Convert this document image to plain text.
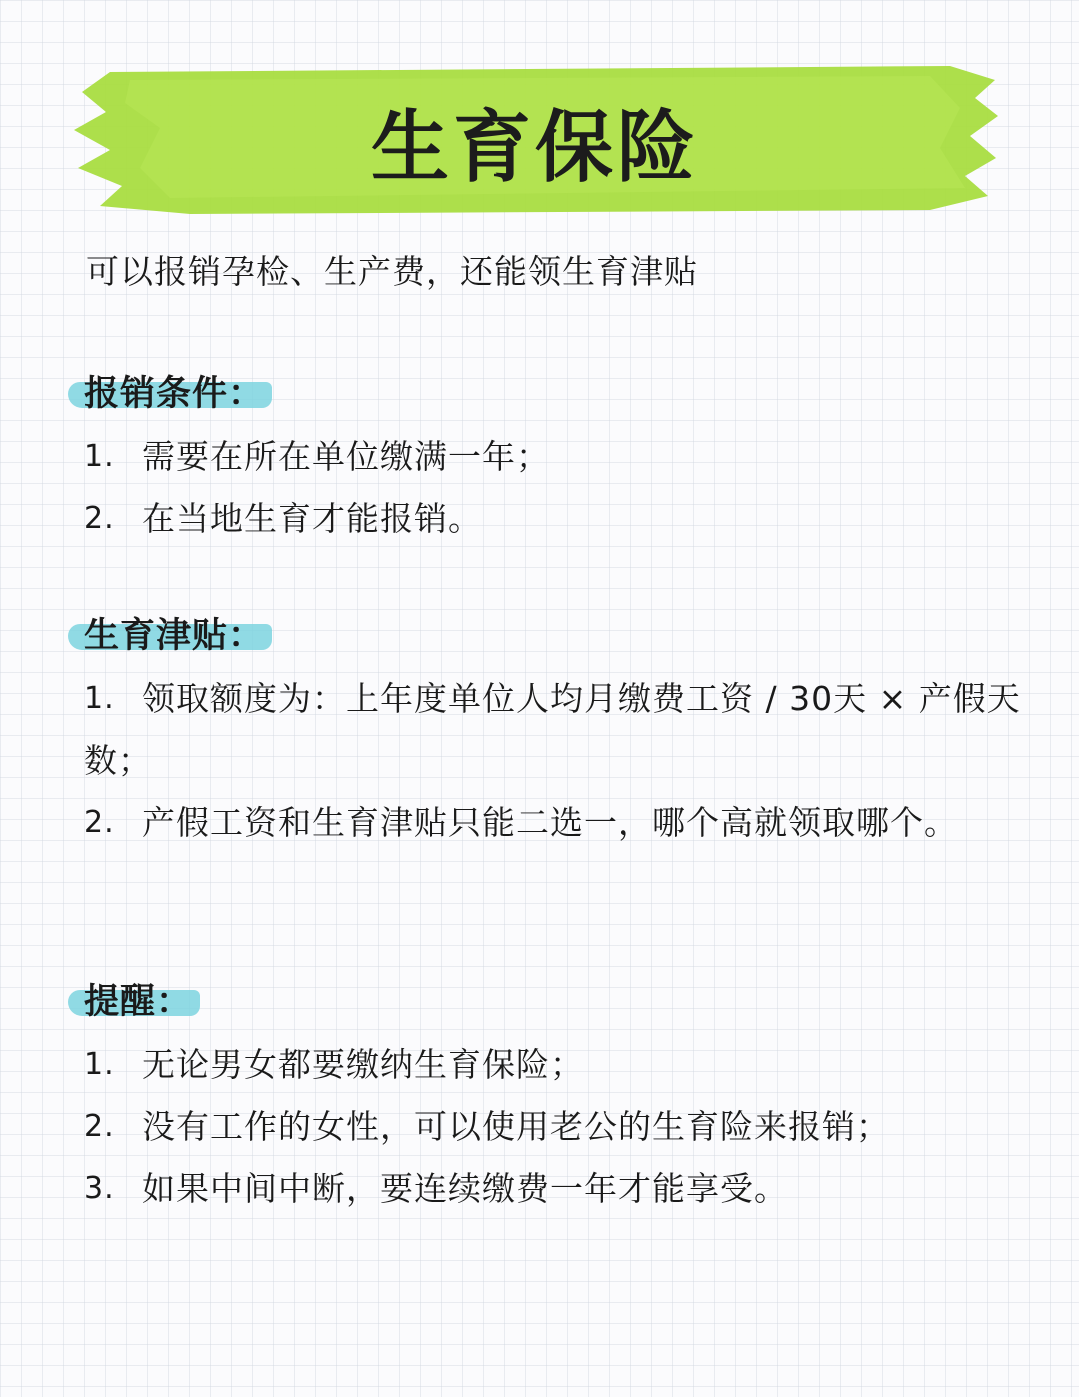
生育保险
可以报销孕检、生产费，还能领生育津贴
报销条件：
1. 需要在所在单位缴满一年；
2. 在当地生育才能报销。
生育津贴：
1. 领取额度为：上年度单位人均月缴费工资 / 30天 × 产假天数；
2. 产假工资和生育津贴只能二选一，哪个高就领取哪个。
提醒：
1. 无论男女都要缴纳生育保险；
2. 没有工作的女性，可以使用老公的生育险来报销；
3. 如果中间中断，要连续缴费一年才能享受。
